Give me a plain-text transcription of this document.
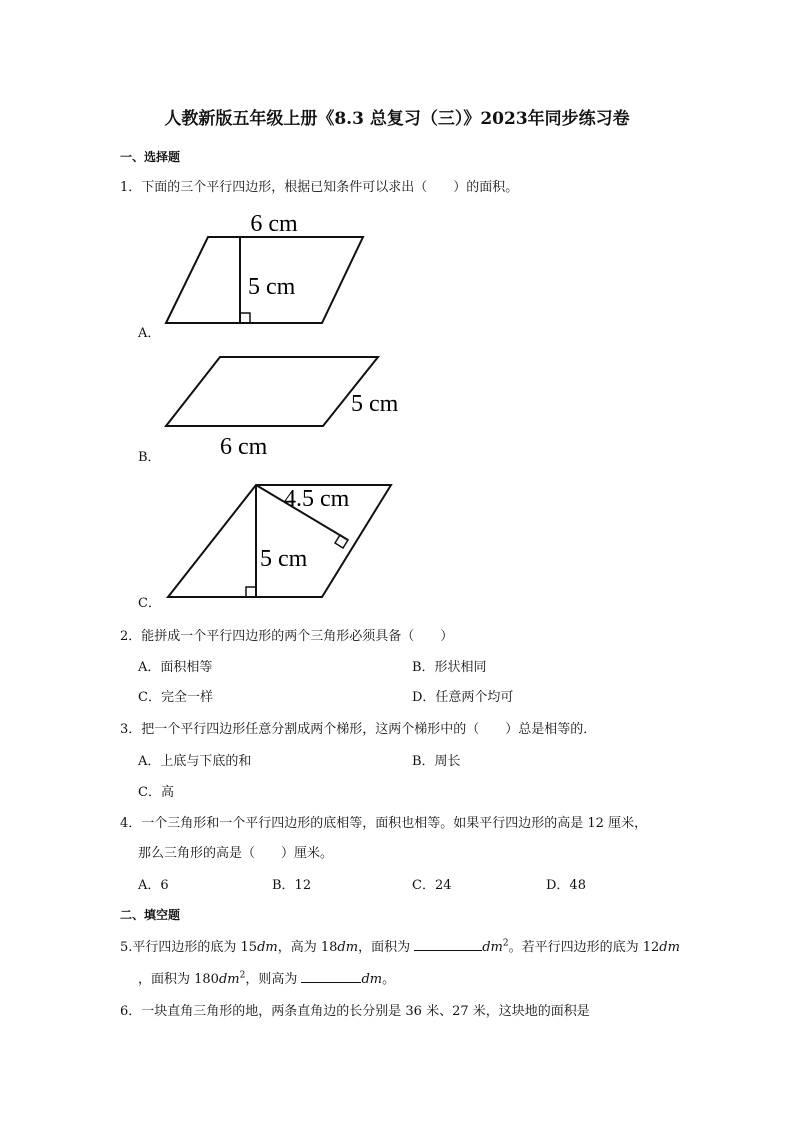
人教新版五年级上册《8.3 总复习（三）》2023年同步练习卷
一、选择题
1．下面的三个平行四边形，根据已知条件可以求出（　　）的面积。
6 cm
5 cm
A．
5 cm
6 cm
B．
4.5 cm
5 cm
C．
2．能拼成一个平行四边形的两个三角形必须具备（　　）
A．面积相等	B．形状相同
C．完全一样	D．任意两个均可
3．把一个平行四边形任意分割成两个梯形，这两个梯形中的（　　）总是相等的．
A．上底与下底的和	B．周长
C．高
4．一个三角形和一个平行四边形的底相等，面积也相等。如果平行四边形的高是 12 厘米，
那么三角形的高是（　　）厘米。
A．6	B．12	C．24	D．48
二、填空题
5.平行四边形的底为 15dm，高为 18dm，面积为	$dm^2$。若平行四边形的底为 12dm
，面积为 $180dm^2$，则高为	dm。
6．一块直角三角形的地，两条直角边的长分别是 36 米、27 米，这块地的面积是
